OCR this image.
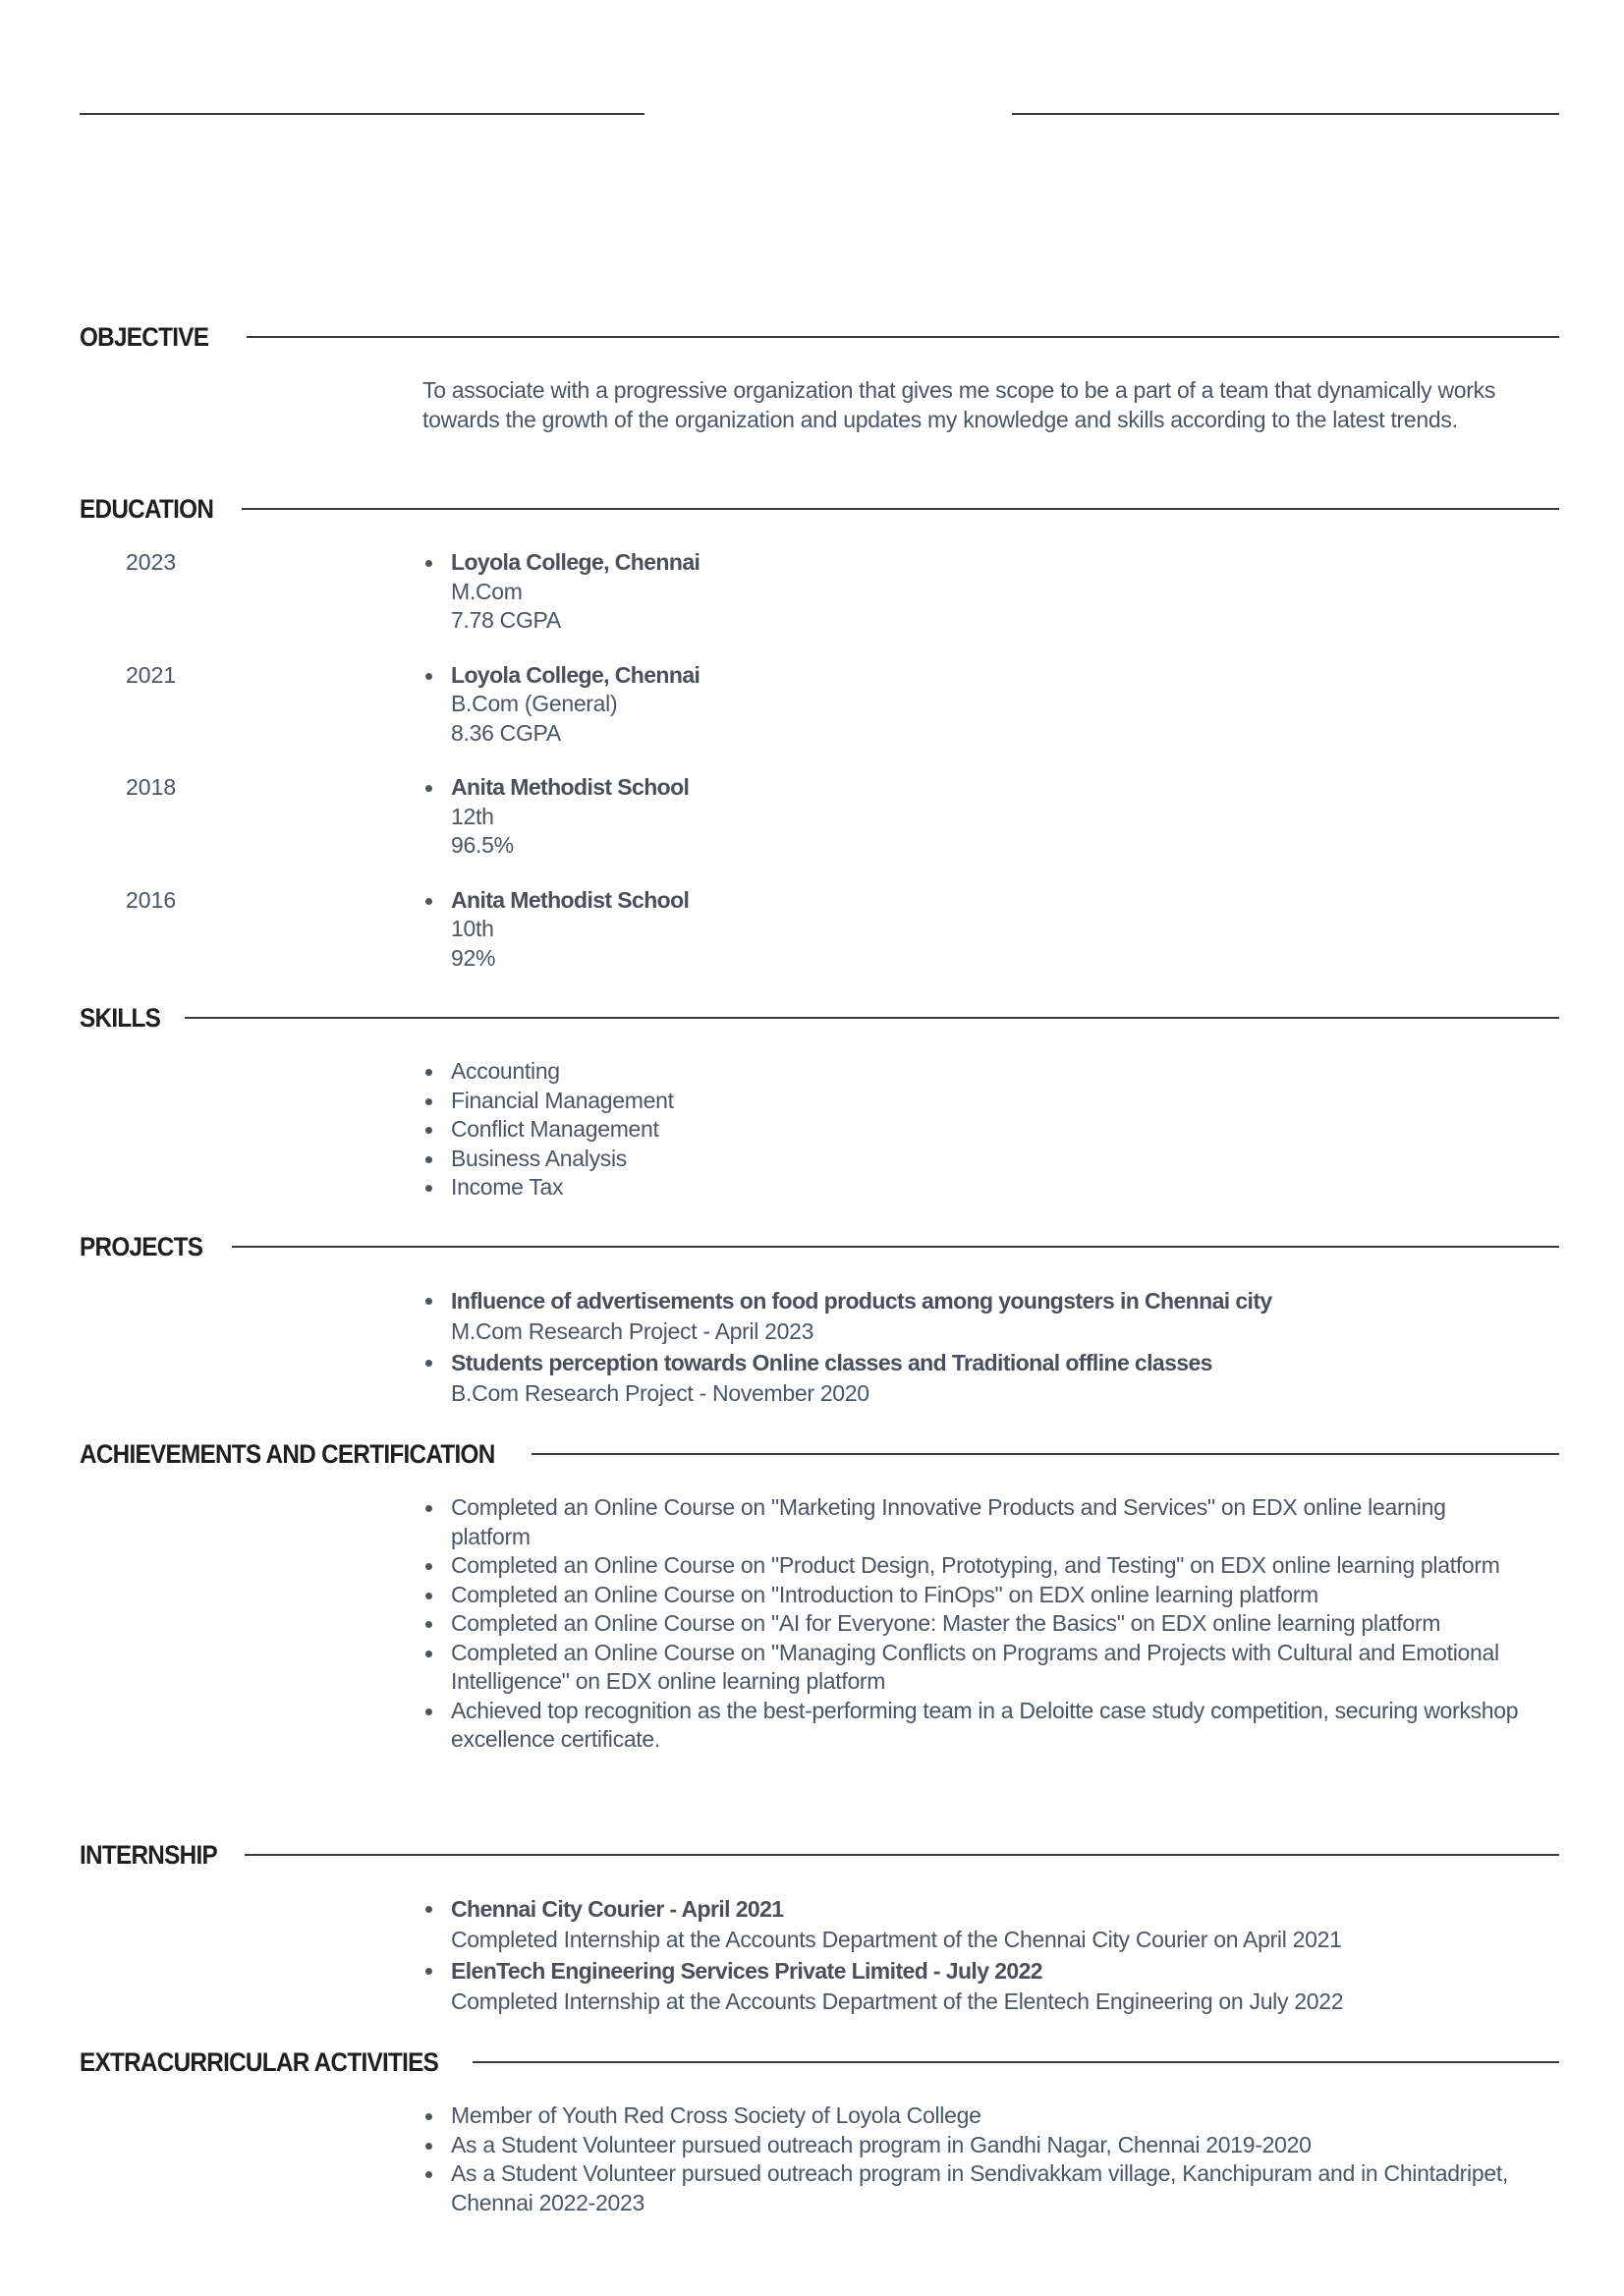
OBJECTIVE
To associate with a progressive organization that gives me scope to be a part of a team that dynamically works towards the growth of the organization and updates my knowledge and skills according to the latest trends.
EDUCATION
2023	Loyola College, Chennai
M.Com
7.78 CGPA
2021	Loyola College, Chennai
B.Com (General)
8.36 CGPA
2018	Anita Methodist School
12th
96.5%
2016	Anita Methodist School
10th
92%
SKILLS
Accounting
Financial Management
Conflict Management
Business Analysis
Income Tax
PROJECTS
Influence of advertisements on food products among youngsters in Chennai city
M.Com Research Project - April 2023
Students perception towards Online classes and Traditional offline classes
B.Com Research Project - November 2020
ACHIEVEMENTS AND CERTIFICATION
Completed an Online Course on "Marketing Innovative Products and Services" on EDX online learning platform
Completed an Online Course on "Product Design, Prototyping, and Testing" on EDX online learning platform
Completed an Online Course on "Introduction to FinOps" on EDX online learning platform
Completed an Online Course on "AI for Everyone: Master the Basics" on EDX online learning platform
Completed an Online Course on "Managing Conflicts on Programs and Projects with Cultural and Emotional Intelligence" on EDX online learning platform
Achieved top recognition as the best-performing team in a Deloitte case study competition, securing workshop excellence certificate.
INTERNSHIP
Chennai City Courier - April 2021
Completed Internship at the Accounts Department of the Chennai City Courier on April 2021
ElenTech Engineering Services Private Limited - July 2022
Completed Internship at the Accounts Department of the Elentech Engineering on July 2022
EXTRACURRICULAR ACTIVITIES
Member of Youth Red Cross Society of Loyola College
As a Student Volunteer pursued outreach program in Gandhi Nagar, Chennai 2019-2020
As a Student Volunteer pursued outreach program in Sendivakkam village, Kanchipuram and in Chintadripet, Chennai 2022-2023
